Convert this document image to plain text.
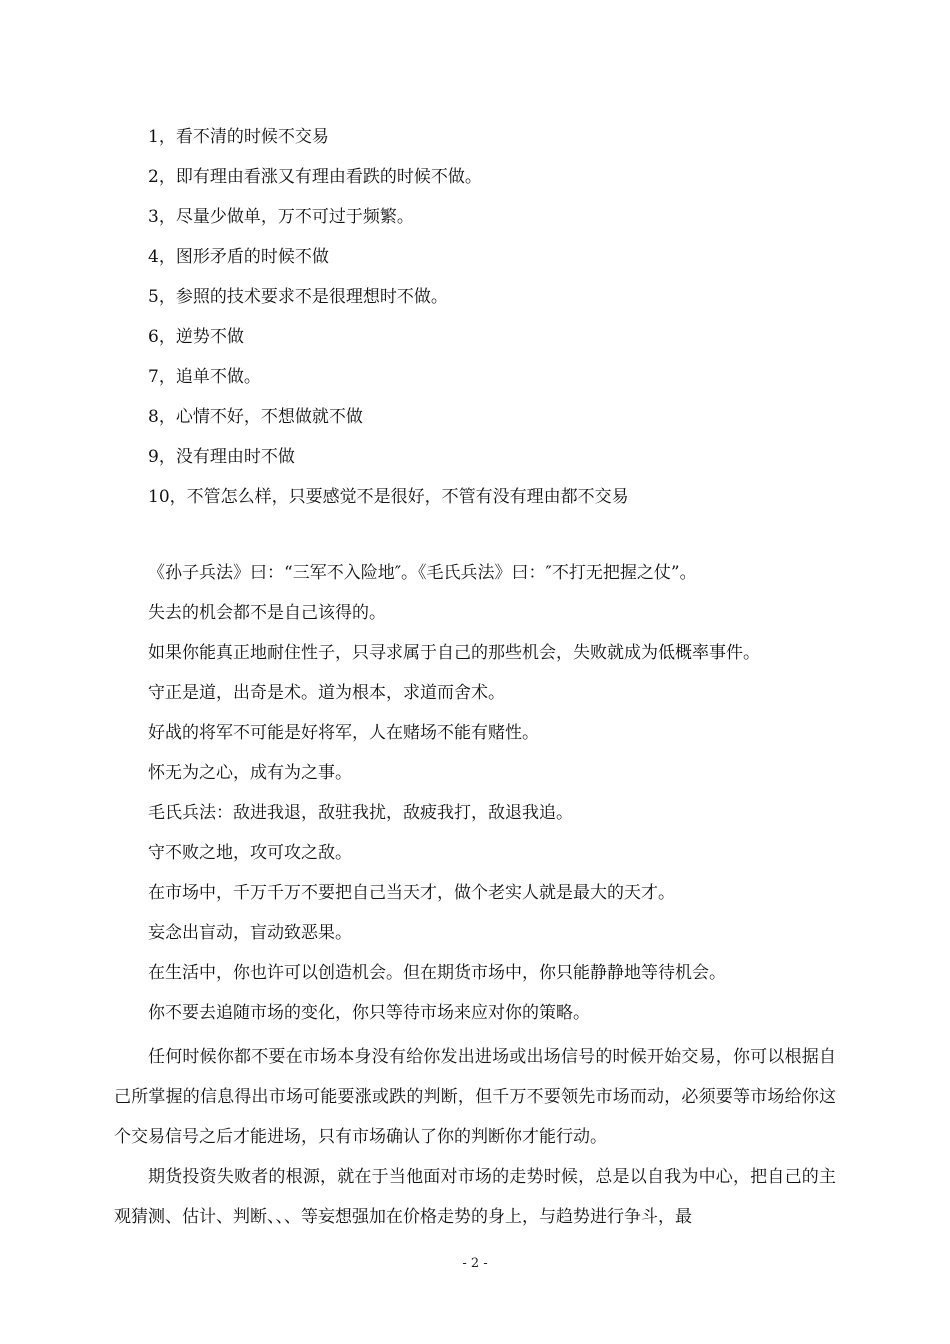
1，看不清的时候不交易
2，即有理由看涨又有理由看跌的时候不做。
3，尽量少做单，万不可过于频繁。
4，图形矛盾的时候不做
5，参照的技术要求不是很理想时不做。
6，逆势不做
7，追单不做。
8，心情不好，不想做就不做
9，没有理由时不做
10，不管怎么样，只要感觉不是很好，不管有没有理由都不交易
《孙子兵法》曰：“三军不入险地″。《毛氏兵法》曰：″不打无把握之仗”。
失去的机会都不是自己该得的。
如果你能真正地耐住性子，只寻求属于自己的那些机会，失败就成为低概率事件。
守正是道，出奇是术。道为根本，求道而舍术。
好战的将军不可能是好将军，人在赌场不能有赌性。
怀无为之心，成有为之事。
毛氏兵法：敌进我退，敌驻我扰，敌疲我打，敌退我追。
守不败之地，攻可攻之敌。
在市场中，千万千万不要把自己当天才，做个老实人就是最大的天才。
妄念出盲动，盲动致恶果。
在生活中，你也许可以创造机会。但在期货市场中，你只能静静地等待机会。
你不要去追随市场的变化，你只等待市场来应对你的策略。

任何时候你都不要在市场本身没有给你发出进场或出场信号的时候开始交易，你可以根据自己所掌握的信息得出市场可能要涨或跌的判断，但千万不要领先市场而动，必须要等市场给你这个交易信号之后才能进场，只有市场确认了你的判断你才能行动。

期货投资失败者的根源，就在于当他面对市场的走势时候，总是以自我为中心，把自己的主观猜测、估计、判断、、、等妄想强加在价格走势的身上，与趋势进行争斗，最

- 2 -
